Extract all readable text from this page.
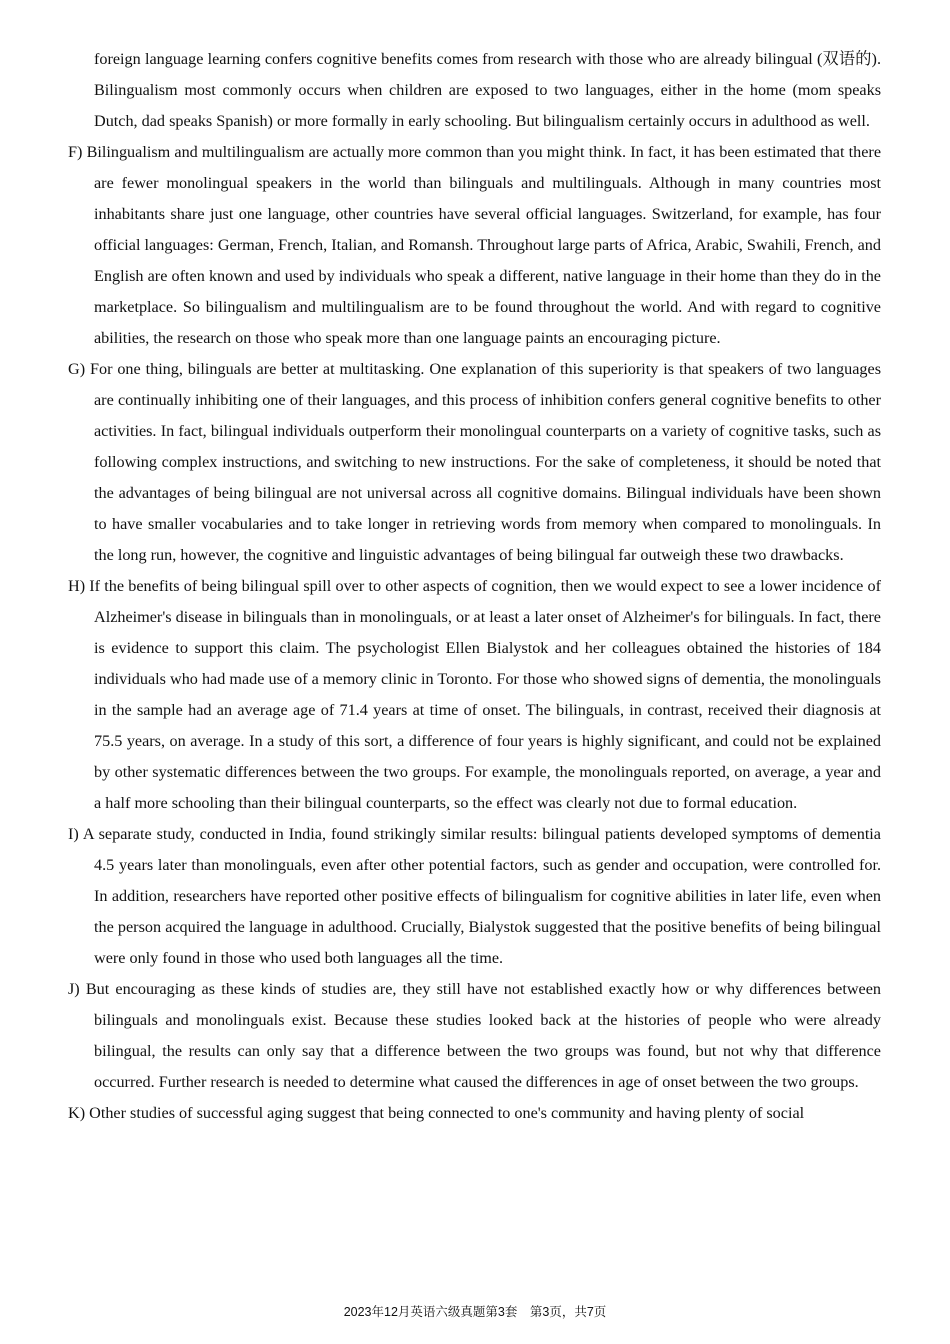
foreign language learning confers cognitive benefits comes from research with those who are already bilingual (双语的). Bilingualism most commonly occurs when children are exposed to two languages, either in the home (mom speaks Dutch, dad speaks Spanish) or more formally in early schooling. But bilingualism certainly occurs in adulthood as well.

F) Bilingualism and multilingualism are actually more common than you might think. In fact, it has been estimated that there are fewer monolingual speakers in the world than bilinguals and multilinguals. Although in many countries most inhabitants share just one language, other countries have several official languages. Switzerland, for example, has four official languages: German, French, Italian, and Romansh. Throughout large parts of Africa, Arabic, Swahili, French, and English are often known and used by individuals who speak a different, native language in their home than they do in the marketplace. So bilingualism and multilingualism are to be found throughout the world. And with regard to cognitive abilities, the research on those who speak more than one language paints an encouraging picture.

G) For one thing, bilinguals are better at multitasking. One explanation of this superiority is that speakers of two languages are continually inhibiting one of their languages, and this process of inhibition confers general cognitive benefits to other activities. In fact, bilingual individuals outperform their monolingual counterparts on a variety of cognitive tasks, such as following complex instructions, and switching to new instructions. For the sake of completeness, it should be noted that the advantages of being bilingual are not universal across all cognitive domains. Bilingual individuals have been shown to have smaller vocabularies and to take longer in retrieving words from memory when compared to monolinguals. In the long run, however, the cognitive and linguistic advantages of being bilingual far outweigh these two drawbacks.

H) If the benefits of being bilingual spill over to other aspects of cognition, then we would expect to see a lower incidence of Alzheimer's disease in bilinguals than in monolinguals, or at least a later onset of Alzheimer's for bilinguals. In fact, there is evidence to support this claim. The psychologist Ellen Bialystok and her colleagues obtained the histories of 184 individuals who had made use of a memory clinic in Toronto. For those who showed signs of dementia, the monolinguals in the sample had an average age of 71.4 years at time of onset. The bilinguals, in contrast, received their diagnosis at 75.5 years, on average. In a study of this sort, a difference of four years is highly significant, and could not be explained by other systematic differences between the two groups. For example, the monolinguals reported, on average, a year and a half more schooling than their bilingual counterparts, so the effect was clearly not due to formal education.

I) A separate study, conducted in India, found strikingly similar results: bilingual patients developed symptoms of dementia 4.5 years later than monolinguals, even after other potential factors, such as gender and occupation, were controlled for. In addition, researchers have reported other positive effects of bilingualism for cognitive abilities in later life, even when the person acquired the language in adulthood. Crucially, Bialystok suggested that the positive benefits of being bilingual were only found in those who used both languages all the time.

J) But encouraging as these kinds of studies are, they still have not established exactly how or why differences between bilinguals and monolinguals exist. Because these studies looked back at the histories of people who were already bilingual, the results can only say that a difference between the two groups was found, but not why that difference occurred. Further research is needed to determine what caused the differences in age of onset between the two groups.

K) Other studies of successful aging suggest that being connected to one's community and having plenty of social

2023年12月英语六级真题第3套　第3页，共7页
